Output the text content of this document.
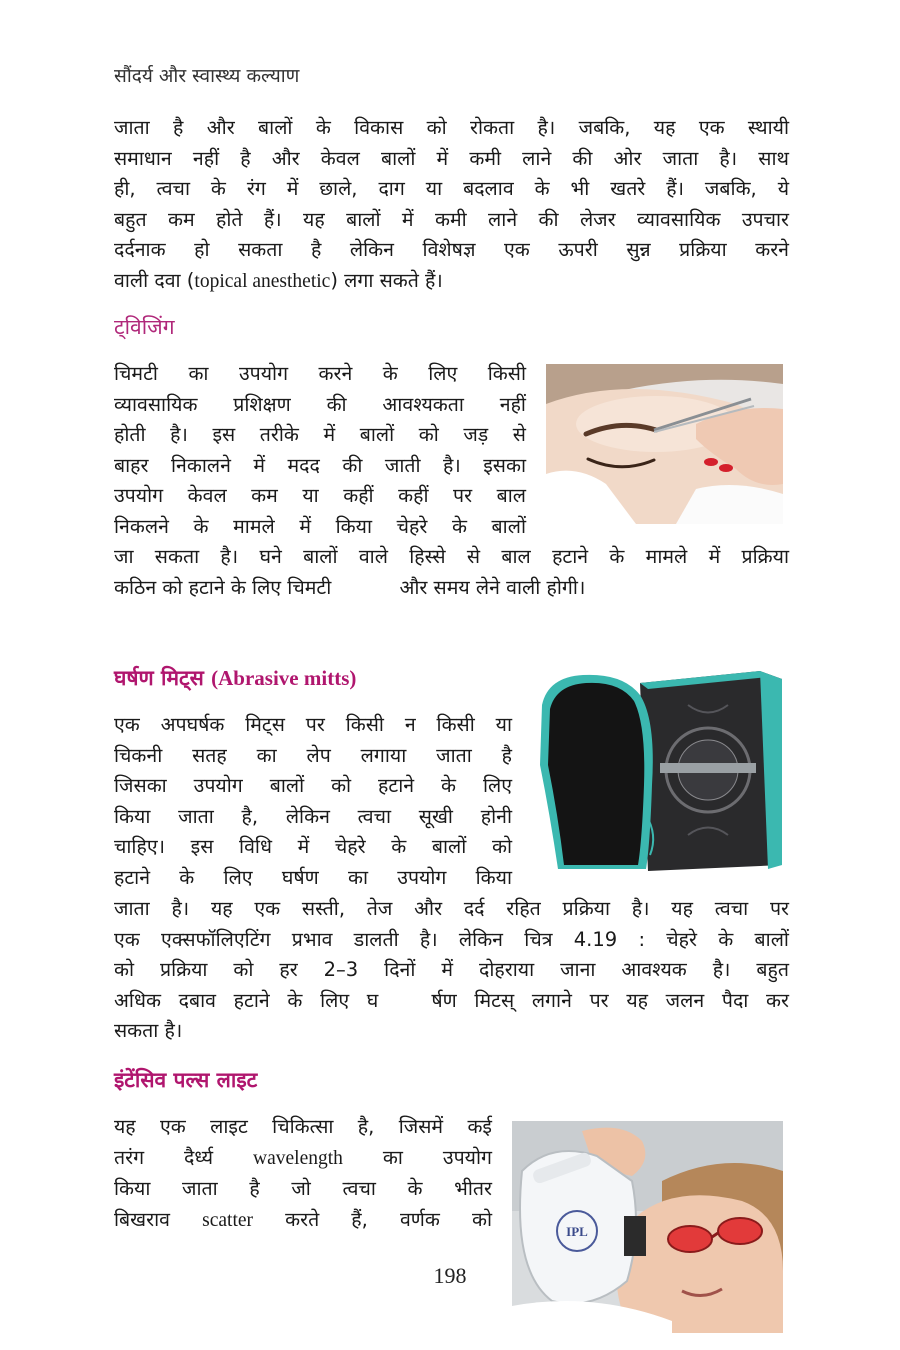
सौंदर्य और स्वास्थ्य कल्याण
जाता है और बालों के विकास को रोकता है। जबकि, यह एक स्थायी
समाधान नहीं है और केवल बालों में कमी लाने की ओर जाता है। साथ
ही, त्वचा के रंग में छाले, दाग या बदलाव के भी खतरे हैं। जबकि, ये
बहुत कम होते हैं। यह बालों में कमी लाने की लेजर व्यावसायिक उपचार
दर्दनाक हो सकता है लेकिन विशेषज्ञ एक ऊपरी सुन्न प्रक्रिया करने
वाली दवा (topical anesthetic) लगा सकते हैं।
ट्विजिंग
चिमटी का उपयोग करने के लिए किसी
व्यावसायिक प्रशिक्षण की आवश्यकता नहीं
होती है। इस तरीके में बालों को जड़ से
बाहर निकालने में मदद की जाती है। इसका
उपयोग केवल कम या कहीं कहीं पर बाल
निकलने के मामले में किया चेहरे के बालों
जा सकता है। घने बालों वाले हिस्से से बाल हटाने के मामले में प्रक्रिया
कठिन को हटाने के लिए चिमटी           और समय लेने वाली होगी।
घर्षण मिट्स (Abrasive mitts)
एक अपघर्षक मिट्स पर किसी न किसी या
चिकनी सतह का लेप लगाया जाता है
जिसका उपयोग बालों को हटाने के लिए
किया जाता है, लेकिन त्वचा सूखी होनी
चाहिए। इस विधि में चेहरे के बालों को
हटाने के लिए घर्षण का उपयोग किया
जाता है। यह एक सस्ती, तेज और दर्द रहित प्रक्रिया है। यह त्वचा पर
एक एक्सफॉलिएटिंग प्रभाव डालती है। लेकिन चित्र 4.19 : चेहरे के बालों
को प्रक्रिया को हर 2–3 दिनों में दोहराया जाना आवश्यक है। बहुत
अधिक दबाव हटाने के लिए घ   र्षण मिटस् लगाने पर यह जलन पैदा कर
सकता है।
इंटेंसिव पल्स लाइट
यह एक लाइट चिकित्सा है, जिसमें कई
तरंग दैर्ध्य wavelength का उपयोग
किया जाता है जो त्वचा के भीतर
बिखराव scatter करते हैं, वर्णक को
IPL
198
